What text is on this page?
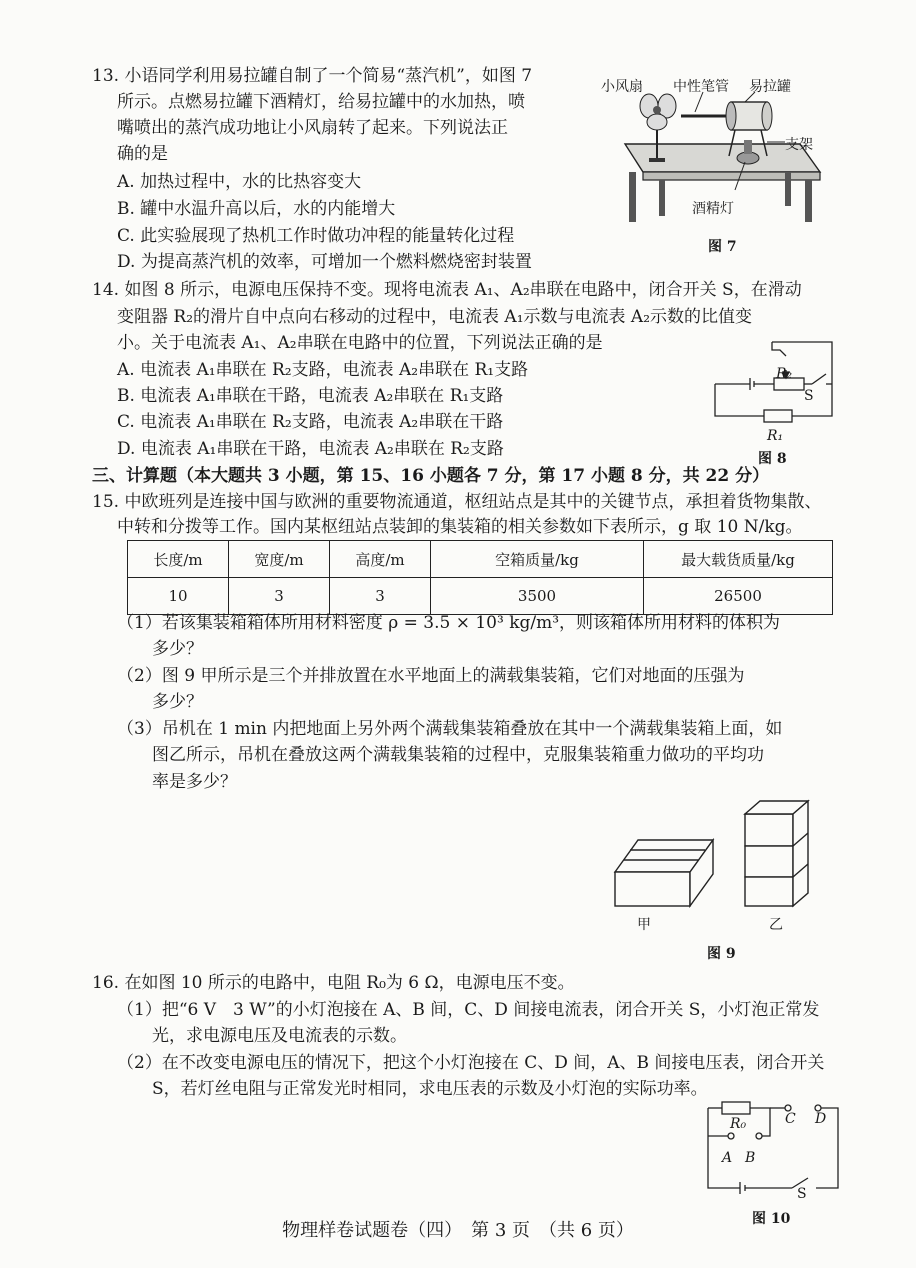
13. 小语同学利用易拉罐自制了一个简易“蒸汽机”，如图 7
所示。点燃易拉罐下酒精灯，给易拉罐中的水加热，喷
嘴喷出的蒸汽成功地让小风扇转了起来。下列说法正
确的是
A. 加热过程中，水的比热容变大
B. 罐中水温升高以后，水的内能增大
C. 此实验展现了热机工作时做功冲程的能量转化过程
D. 为提高蒸汽机的效率，可增加一个燃料燃烧密封装置
小风扇 中性笔管 易拉罐
支架
酒精灯
图 7
14. 如图 8 所示，电源电压保持不变。现将电流表 A₁、A₂串联在电路中，闭合开关 S，在滑动
变阻器 R₂的滑片自中点向右移动的过程中，电流表 A₁示数与电流表 A₂示数的比值变
小。关于电流表 A₁、A₂串联在电路中的位置，下列说法正确的是
A. 电流表 A₁串联在 R₂支路，电流表 A₂串联在 R₁支路
B. 电流表 A₁串联在干路，电流表 A₂串联在 R₁支路
C. 电流表 A₁串联在 R₂支路，电流表 A₂串联在干路
D. 电流表 A₁串联在干路，电流表 A₂串联在 R₂支路
R₂
S
R₁
图 8
三、计算题（本大题共 3 小题，第 15、16 小题各 7 分，第 17 小题 8 分，共 22 分）
15. 中欧班列是连接中国与欧洲的重要物流通道，枢纽站点是其中的关键节点，承担着货物集散、
中转和分拨等工作。国内某枢纽站点装卸的集装箱的相关参数如下表所示，g 取 10 N/kg。
长度/m	宽度/m	高度/m	空箱质量/kg	最大载货质量/kg
10	3	3	3500	26500
（1）若该集装箱箱体所用材料密度 ρ = 3.5 × 10³ kg/m³，则该箱体所用材料的体积为
多少？
（2）图 9 甲所示是三个并排放置在水平地面上的满载集装箱，它们对地面的压强为
多少？
（3）吊机在 1 min 内把地面上另外两个满载集装箱叠放在其中一个满载集装箱上面，如
图乙所示，吊机在叠放这两个满载集装箱的过程中，克服集装箱重力做功的平均功
率是多少？
甲	乙
图 9
16. 在如图 10 所示的电路中，电阻 R₀为 6 Ω，电源电压不变。
（1）把“6 V　3 W”的小灯泡接在 A、B 间，C、D 间接电流表，闭合开关 S，小灯泡正常发
光，求电源电压及电流表的示数。
（2）在不改变电源电压的情况下，把这个小灯泡接在 C、D 间，A、B 间接电压表，闭合开关
S，若灯丝电阻与正常发光时相同，求电压表的示数及小灯泡的实际功率。
R₀	C D
A B
S
图 10
物理样卷试题卷（四）　第 3 页　（共 6 页）
